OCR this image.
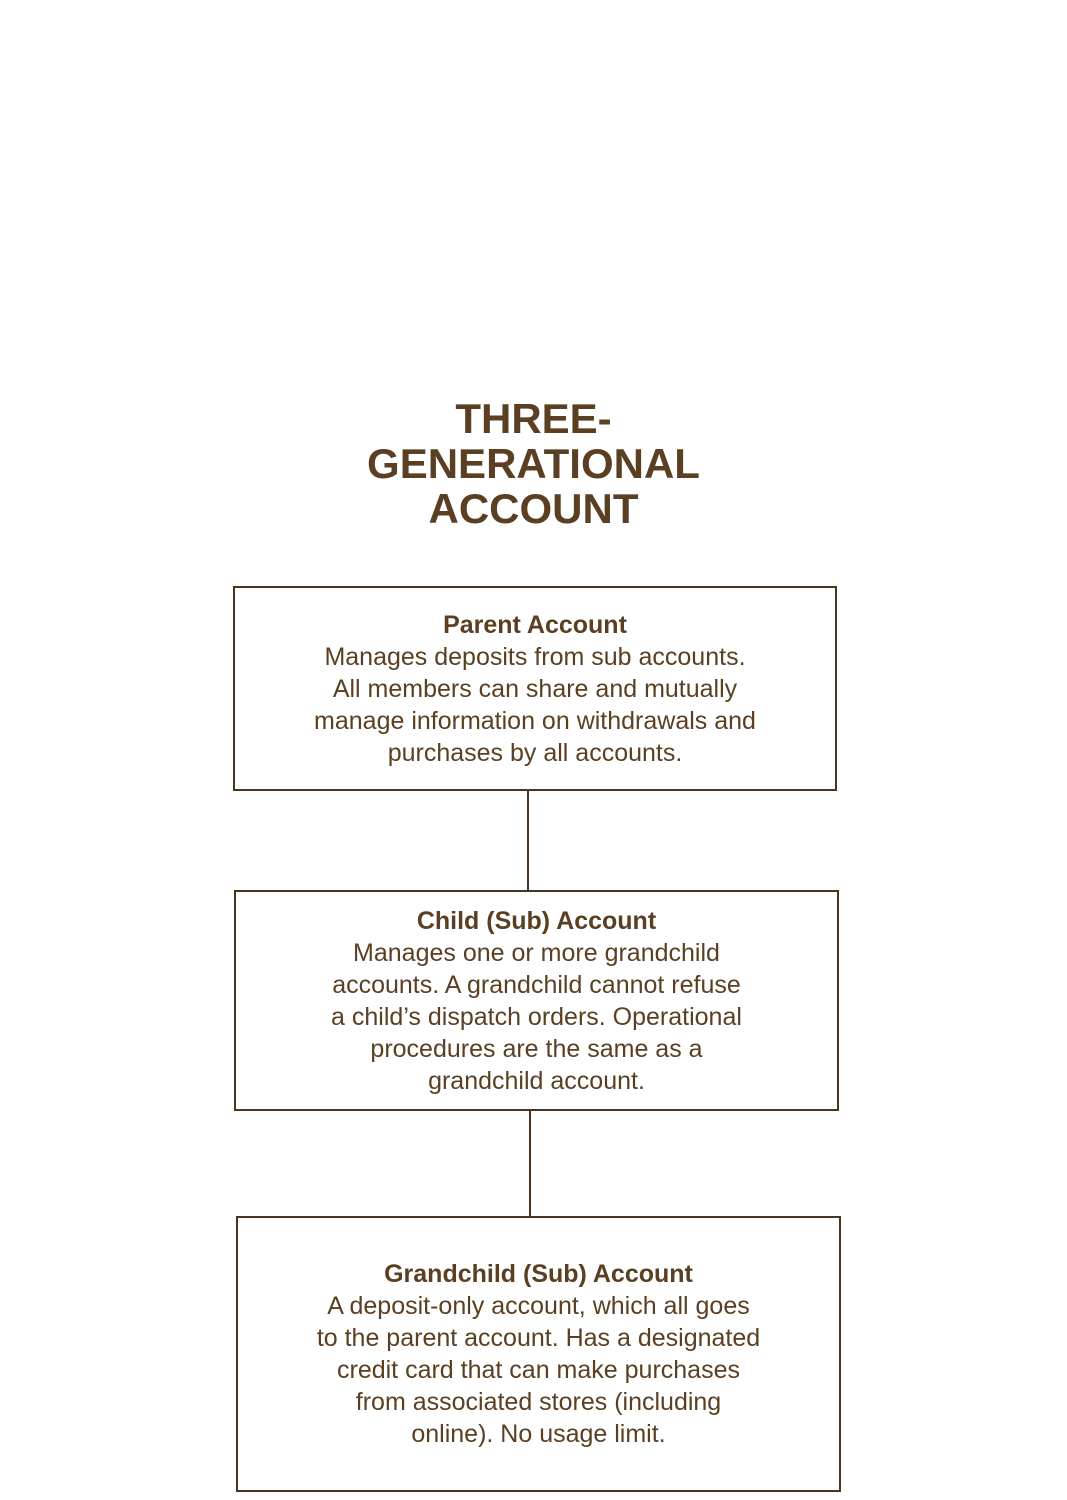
THREE-
GENERATIONAL
ACCOUNT
Parent Account
Manages deposits from sub accounts.
All members can share and mutually
manage information on withdrawals and
purchases by all accounts.
Child (Sub) Account
Manages one or more grandchild
accounts. A grandchild cannot refuse
a child’s dispatch orders. Operational
procedures are the same as a
grandchild account.
Grandchild (Sub) Account
A deposit-only account, which all goes
to the parent account. Has a designated
credit card that can make purchases
from associated stores (including
online). No usage limit.
